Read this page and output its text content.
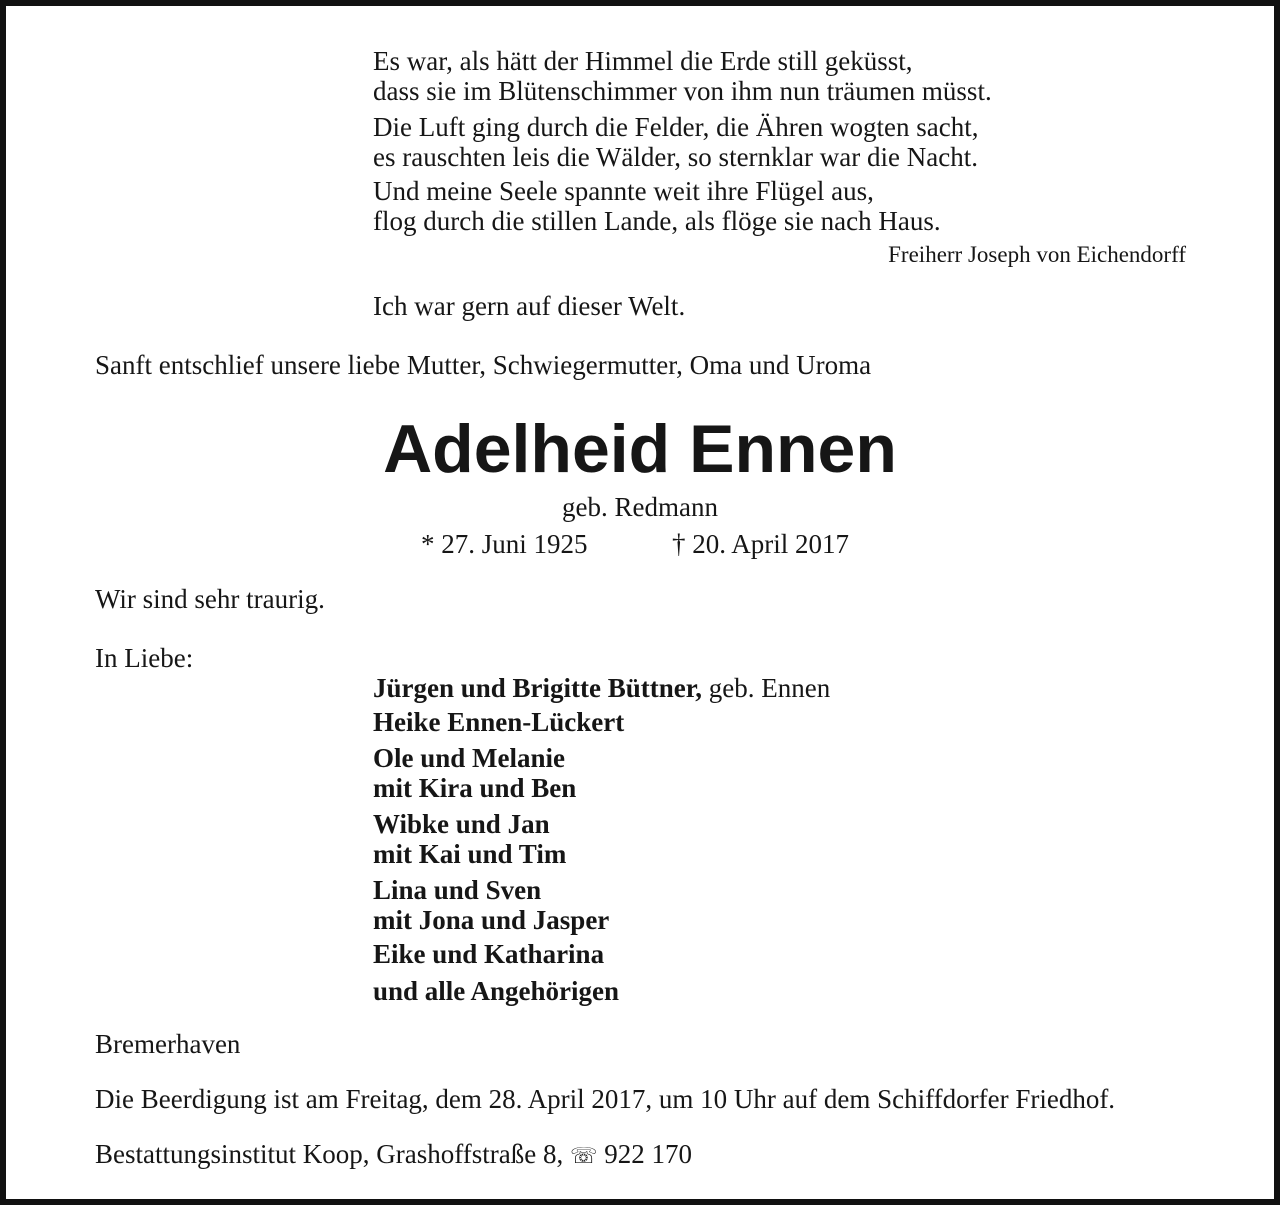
Es war, als hätt der Himmel die Erde still geküsst,
dass sie im Blütenschimmer von ihm nun träumen müsst.
Die Luft ging durch die Felder, die Ähren wogten sacht,
es rauschten leis die Wälder, so sternklar war die Nacht.
Und meine Seele spannte weit ihre Flügel aus,
flog durch die stillen Lande, als flöge sie nach Haus.
Freiherr Joseph von Eichendorff
Ich war gern auf dieser Welt.
Sanft entschlief unsere liebe Mutter, Schwiegermutter, Oma und Uroma
Adelheid Ennen
geb. Redmann
* 27. Juni 1925	† 20. April 2017
Wir sind sehr traurig.
In Liebe:
Jürgen und Brigitte Büttner, geb. Ennen
Heike Ennen-Lückert
Ole und Melanie
mit Kira und Ben
Wibke und Jan
mit Kai und Tim
Lina und Sven
mit Jona und Jasper
Eike und Katharina
und alle Angehörigen
Bremerhaven
Die Beerdigung ist am Freitag, dem 28. April 2017, um 10 Uhr auf dem Schiffdorfer Friedhof.
Bestattungsinstitut Koop, Grashoffstraße 8, ☏ 922 170
